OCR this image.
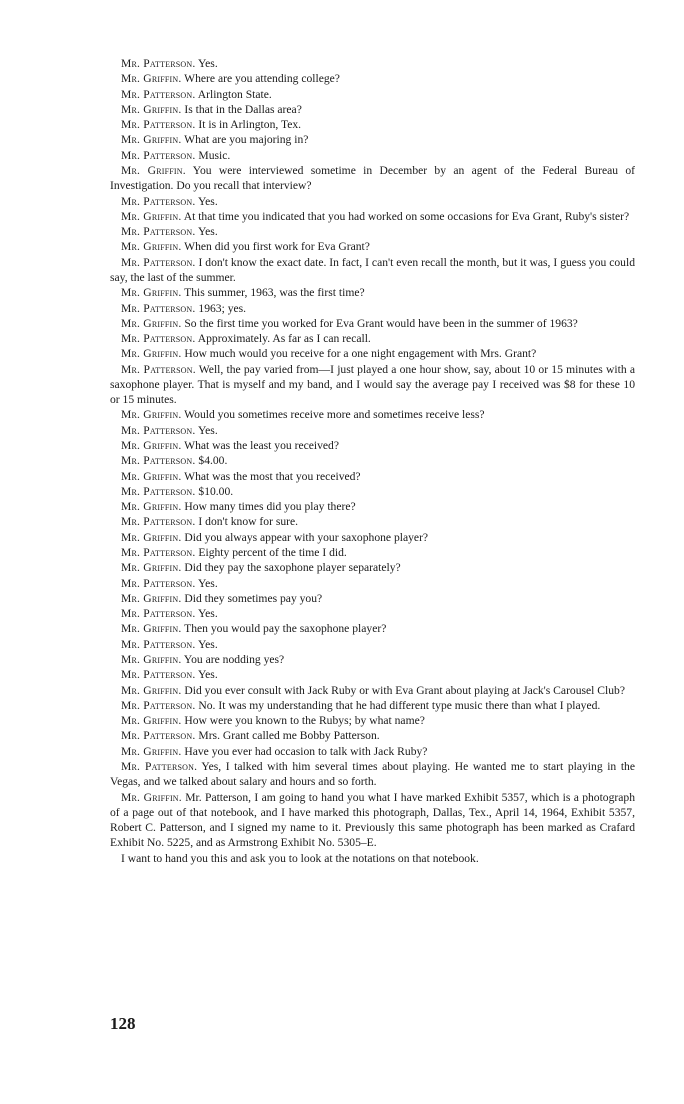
Mr. Patterson. Yes.

Mr. Griffin. Where are you attending college?

Mr. Patterson. Arlington State.

Mr. Griffin. Is that in the Dallas area?

Mr. Patterson. It is in Arlington, Tex.

Mr. Griffin. What are you majoring in?

Mr. Patterson. Music.

Mr. Griffin. You were interviewed sometime in December by an agent of the Federal Bureau of Investigation. Do you recall that interview?

Mr. Patterson. Yes.

Mr. Griffin. At that time you indicated that you had worked on some occasions for Eva Grant, Ruby's sister?

Mr. Patterson. Yes.

Mr. Griffin. When did you first work for Eva Grant?

Mr. Patterson. I don't know the exact date. In fact, I can't even recall the month, but it was, I guess you could say, the last of the summer.

Mr. Griffin. This summer, 1963, was the first time?

Mr. Patterson. 1963; yes.

Mr. Griffin. So the first time you worked for Eva Grant would have been in the summer of 1963?

Mr. Patterson. Approximately. As far as I can recall.

Mr. Griffin. How much would you receive for a one night engagement with Mrs. Grant?

Mr. Patterson. Well, the pay varied from—I just played a one hour show, say, about 10 or 15 minutes with a saxophone player. That is myself and my band, and I would say the average pay I received was $8 for these 10 or 15 minutes.

Mr. Griffin. Would you sometimes receive more and sometimes receive less?

Mr. Patterson. Yes.

Mr. Griffin. What was the least you received?

Mr. Patterson. $4.00.

Mr. Griffin. What was the most that you received?

Mr. Patterson. $10.00.

Mr. Griffin. How many times did you play there?

Mr. Patterson. I don't know for sure.

Mr. Griffin. Did you always appear with your saxophone player?

Mr. Patterson. Eighty percent of the time I did.

Mr. Griffin. Did they pay the saxophone player separately?

Mr. Patterson. Yes.

Mr. Griffin. Did they sometimes pay you?

Mr. Patterson. Yes.

Mr. Griffin. Then you would pay the saxophone player?

Mr. Patterson. Yes.

Mr. Griffin. You are nodding yes?

Mr. Patterson. Yes.

Mr. Griffin. Did you ever consult with Jack Ruby or with Eva Grant about playing at Jack's Carousel Club?

Mr. Patterson. No. It was my understanding that he had different type music there than what I played.

Mr. Griffin. How were you known to the Rubys; by what name?

Mr. Patterson. Mrs. Grant called me Bobby Patterson.

Mr. Griffin. Have you ever had occasion to talk with Jack Ruby?

Mr. Patterson. Yes, I talked with him several times about playing. He wanted me to start playing in the Vegas, and we talked about salary and hours and so forth.

Mr. Griffin. Mr. Patterson, I am going to hand you what I have marked Exhibit 5357, which is a photograph of a page out of that notebook, and I have marked this photograph, Dallas, Tex., April 14, 1964, Exhibit 5357, Robert C. Patterson, and I signed my name to it. Previously this same photograph has been marked as Crafard Exhibit No. 5225, and as Armstrong Exhibit No. 5305–E.

I want to hand you this and ask you to look at the notations on that notebook.

128
